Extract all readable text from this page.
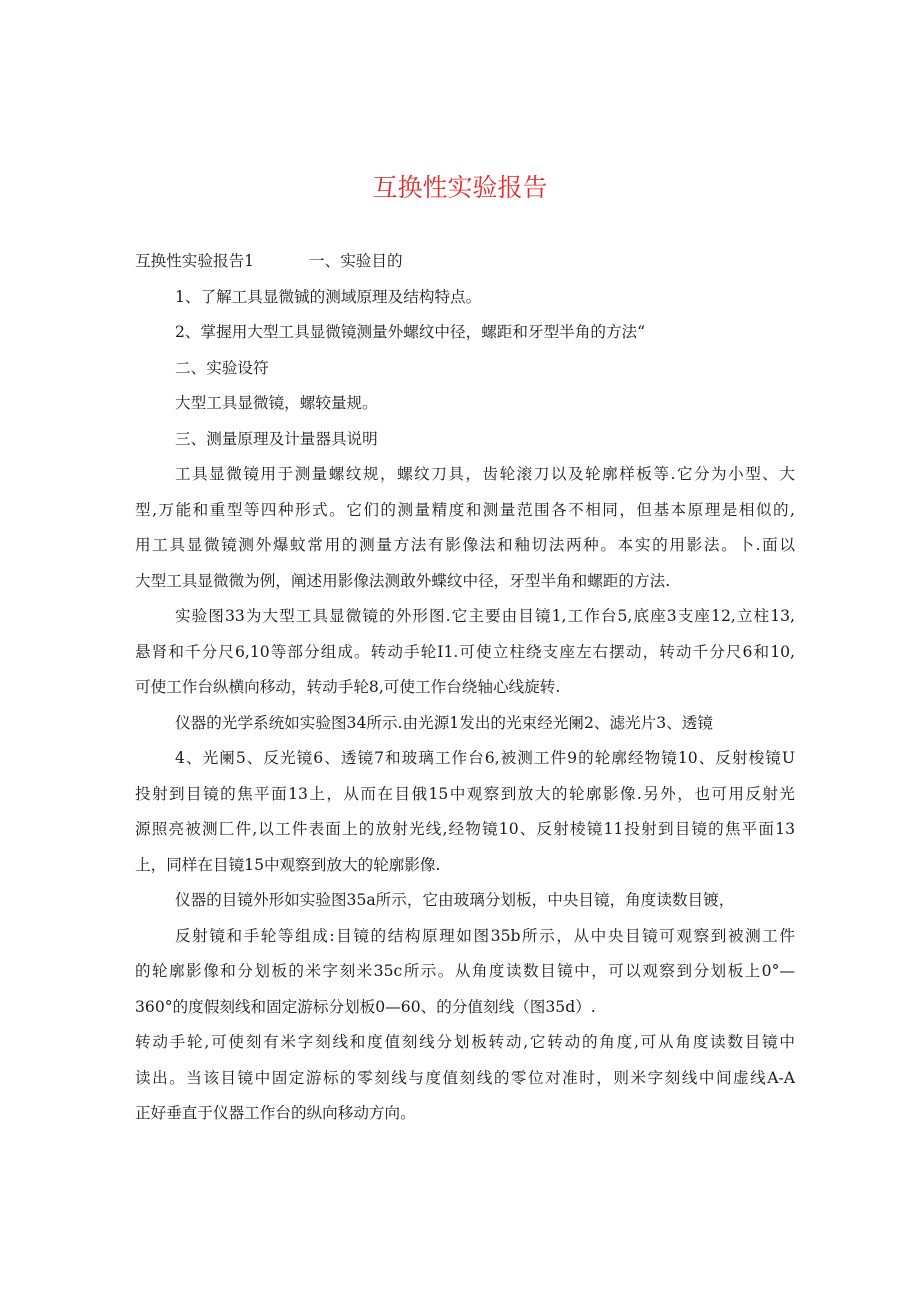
互换性实验报告

互换性实验报告1	一、实验目的

1、了解工具显微铖的测域原理及结构特点。

2、掌握用大型工具显微镜测量外螺纹中径，螺距和牙型半角的方法“

二、实验设符

大型工具显微镜，螺较量规。

三、测量原理及计量器具说明

工具显微镜用于测量螺纹规，螺纹刀具，齿轮滚刀以及轮廓样板等.它分为小型、大

型,万能和重型等四种形式。它们的测量精度和测量范围各不相同，但基本原理是相似的,

用工具显微镜测外爆蚊常用的测量方法有影像法和釉切法两种。本实的用影法。卜.面以

大型工具显微微为例，阐述用影像法测敢外蝶纹中径，牙型半角和螺距的方法.

实验图33为大型工具显微镜的外形图.它主要由目镜1,工作台5,底座3支座12,立柱13,

悬肾和千分尺6,10等部分组成。转动手轮I1.可使立柱绕支座左右摆动，转动千分尺6和10,

可使工作台纵横向移动，转动手轮8,可使工作台绕轴心线旋转.

仪器的光学系统如实验图34所示.由光源1发出的光束经光阑2、滤光片3、透镜

4、光阑5、反光镜6、透镜7和玻璃工作台6,被测工件9的轮廓经物镜10、反射梭镜U

投射到目镜的焦平面13上，从而在目俄15中观察到放大的轮廓影像.另外，也可用反射光

源照亮被测匚件,以工件表面上的放射光线,经物镜10、反射棱镜11投射到目镜的焦平面13

上，同样在目镜15中观察到放大的轮廓影像.

仪器的目镜外形如实验图35a所示，它由玻璃分划板，中央目镜，角度读数目镀，

反射镜和手轮等组成:目镜的结构原理如图35b所示，从中央目镜可观察到被测工件

的轮廓影像和分划板的米字刻米35c所示。从角度读数目镜中，可以观察到分划板上0°—

360°的度假刻线和固定游标分划板0—60、的分值刻线（图35d）.

转动手轮,可使刻有米字刻线和度值刻线分划板转动,它转动的角度,可从角度读数目镜中

读出。当该目镜中固定游标的零刻线与度值刻线的零位对准时，则米字刻线中间虚线A-A

正好垂直于仪器工作台的纵向移动方向。
